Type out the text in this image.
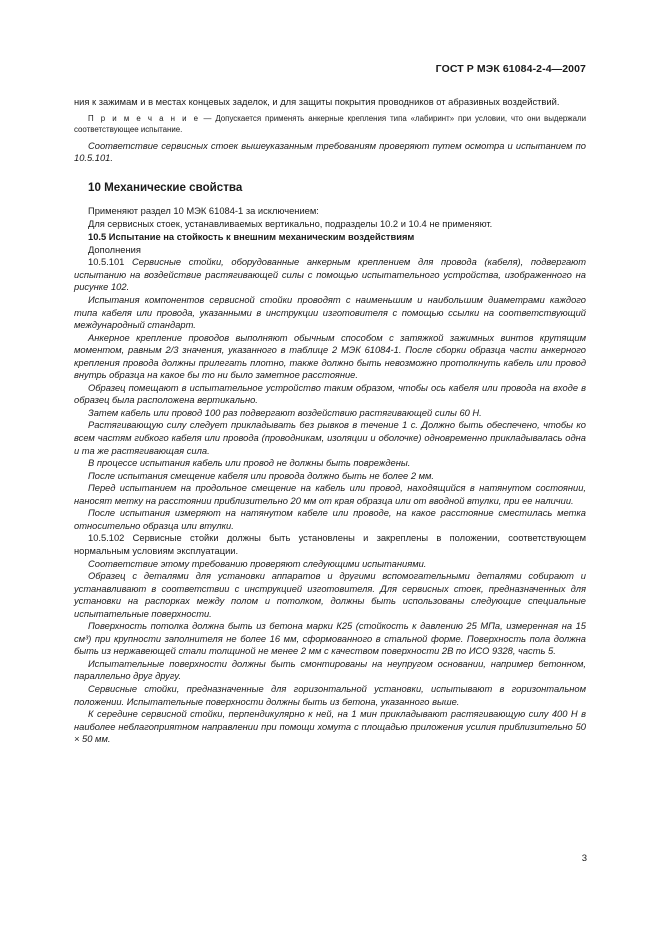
ГОСТ Р МЭК 61084-2-4—2007

ния к зажимам и в местах концевых заделок, и для защиты покрытия проводников от абразивных воздействий.

П р и м е ч а н и е — Допускается применять анкерные крепления типа «лабиринт» при условии, что они выдержали соответствующее испытание.

Соответствие сервисных стоек вышеуказанным требованиям проверяют путем осмотра и испытанием по 10.5.101.

10 Механические свойства

Применяют раздел 10 МЭК 61084-1 за исключением:

Для сервисных стоек, устанавливаемых вертикально, подразделы 10.2 и 10.4 не применяют.

10.5 Испытание на стойкость к внешним механическим воздействиям

Дополнения

10.5.101 Сервисные стойки, оборудованные анкерным креплением для провода (кабеля), подвергают испытанию на воздействие растягивающей силы с помощью испытательного устройства, изображенного на рисунке 102.

Испытания компонентов сервисной стойки проводят с наименьшим и наибольшим диаметрами каждого типа кабеля или провода, указанными в инструкции изготовителя с помощью ссылки на соответствующий международный стандарт.

Анкерное крепление проводов выполняют обычным способом с затяжкой зажимных винтов крутящим моментом, равным 2/3 значения, указанного в таблице 2 МЭК 61084-1. После сборки образца части анкерного крепления провода должны прилегать плотно, также должно быть невозможно протолкнуть кабель или провод внутрь образца на какое бы то ни было заметное расстояние.

Образец помещают в испытательное устройство таким образом, чтобы ось кабеля или провода на входе в образец была расположена вертикально.

Затем кабель или провод 100 раз подвергают воздействию растягивающей силы 60 Н.

Растягивающую силу следует прикладывать без рывков в течение 1 с. Должно быть обеспечено, чтобы ко всем частям гибкого кабеля или провода (проводникам, изоляции и оболочке) одновременно прикладывалась одна и та же растягивающая сила.

В процессе испытания кабель или провод не должны быть повреждены.

После испытания смещение кабеля или провода должно быть не более 2 мм.

Перед испытанием на продольное смещение на кабель или провод, находящийся в натянутом состоянии, наносят метку на расстоянии приблизительно 20 мм от края образца или от вводной втулки, при ее наличии.

После испытания измеряют на натянутом кабеле или проводе, на какое расстояние сместилась метка относительно образца или втулки.

10.5.102 Сервисные стойки должны быть установлены и закреплены в положении, соответствующем нормальным условиям эксплуатации.

Соответствие этому требованию проверяют следующими испытаниями.

Образец с деталями для установки аппаратов и другими вспомогательными деталями собирают и устанавливают в соответствии с инструкцией изготовителя. Для сервисных стоек, предназначенных для установки на распорках между полом и потолком, должны быть использованы следующие специальные испытательные поверхности.

Поверхность потолка должна быть из бетона марки К25 (стойкость к давлению 25 МПа, измеренная на 15 см³) при крупности заполнителя не более 16 мм, сформованного в стальной форме. Поверхность пола должна быть из нержавеющей стали толщиной не менее 2 мм с качеством поверхности 2В по ИСО 9328, часть 5.

Испытательные поверхности должны быть смонтированы на неупругом основании, например бетонном, параллельно друг другу.

Сервисные стойки, предназначенные для горизонтальной установки, испытывают в горизонтальном положении. Испытательные поверхности должны быть из бетона, указанного выше.

К середине сервисной стойки, перпендикулярно к ней, на 1 мин прикладывают растягивающую силу 400 Н в наиболее неблагоприятном направлении при помощи хомута с площадью приложения усилия приблизительно 50 × 50 мм.

3
